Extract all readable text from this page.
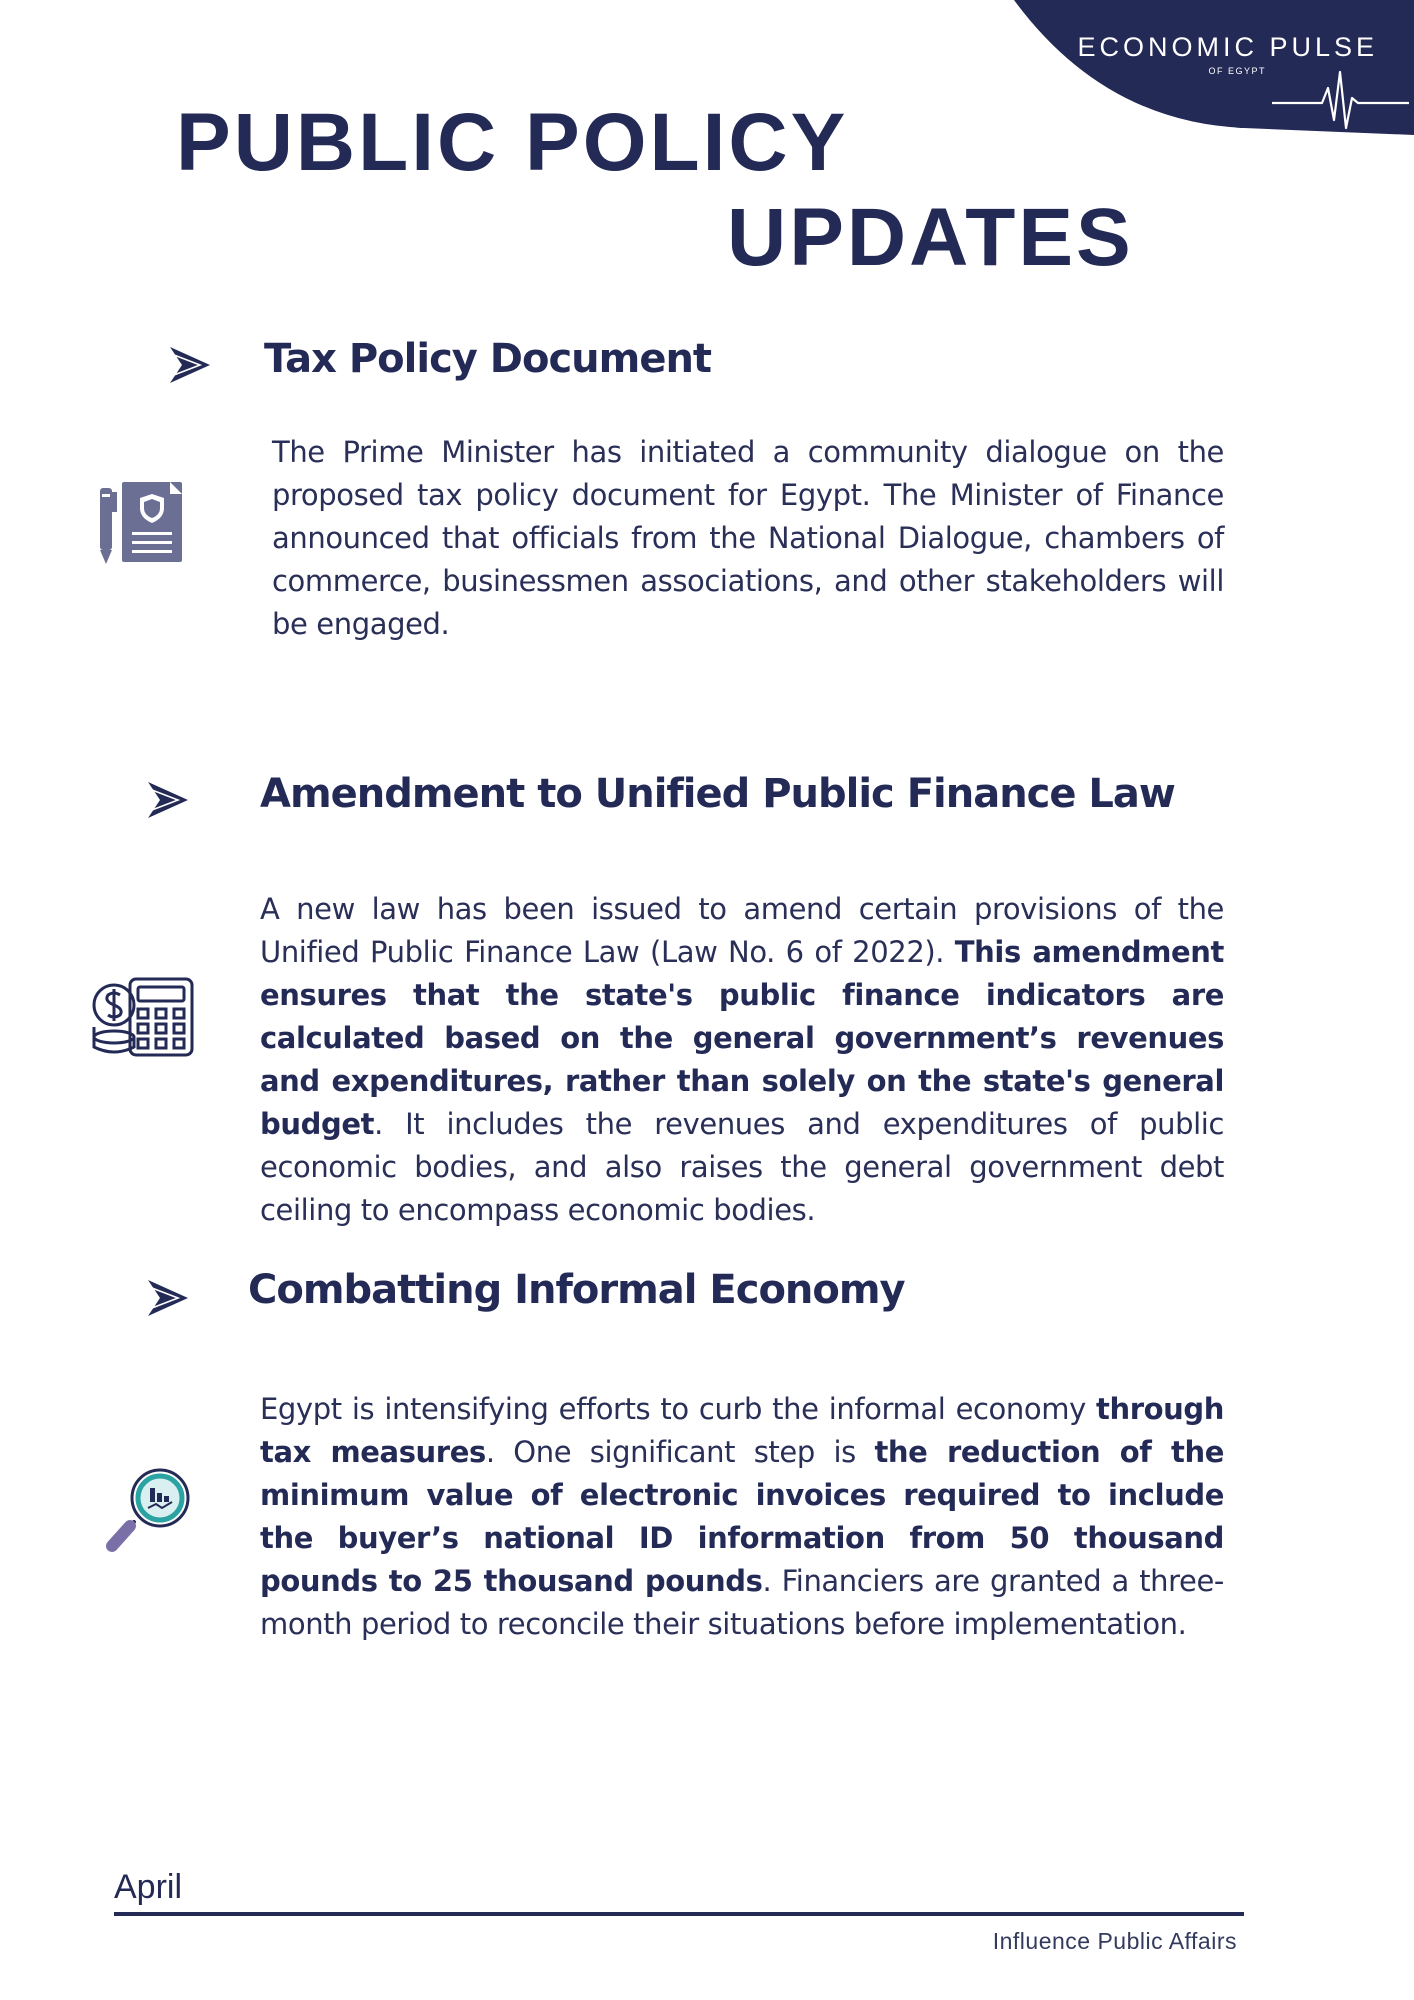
ECONOMIC PULSE
OF EGYPT
PUBLIC POLICY
UPDATES
Tax Policy Document

The Prime Minister has initiated a community dialogue on the proposed tax policy document for Egypt. The Minister of Finance announced that officials from the National Dialogue, chambers of commerce, businessmen associations, and other stakeholders will be engaged.

Amendment to Unified Public Finance Law

A new law has been issued to amend certain provisions of the Unified Public Finance Law (Law No. 6 of 2022). This amendment ensures that the state's public finance indicators are calculated based on the general government’s revenues and expenditures, rather than solely on the state's general budget. It includes the revenues and expenditures of public economic bodies, and also raises the general government debt ceiling to encompass economic bodies.

Combatting Informal Economy

Egypt is intensifying efforts to curb the informal economy through tax measures. One significant step is the reduction of the minimum value of electronic invoices required to include the buyer’s national ID information from 50 thousand pounds to 25 thousand pounds. Financiers are granted a three-month period to reconcile their situations before implementation.

April
Influence Public Affairs
